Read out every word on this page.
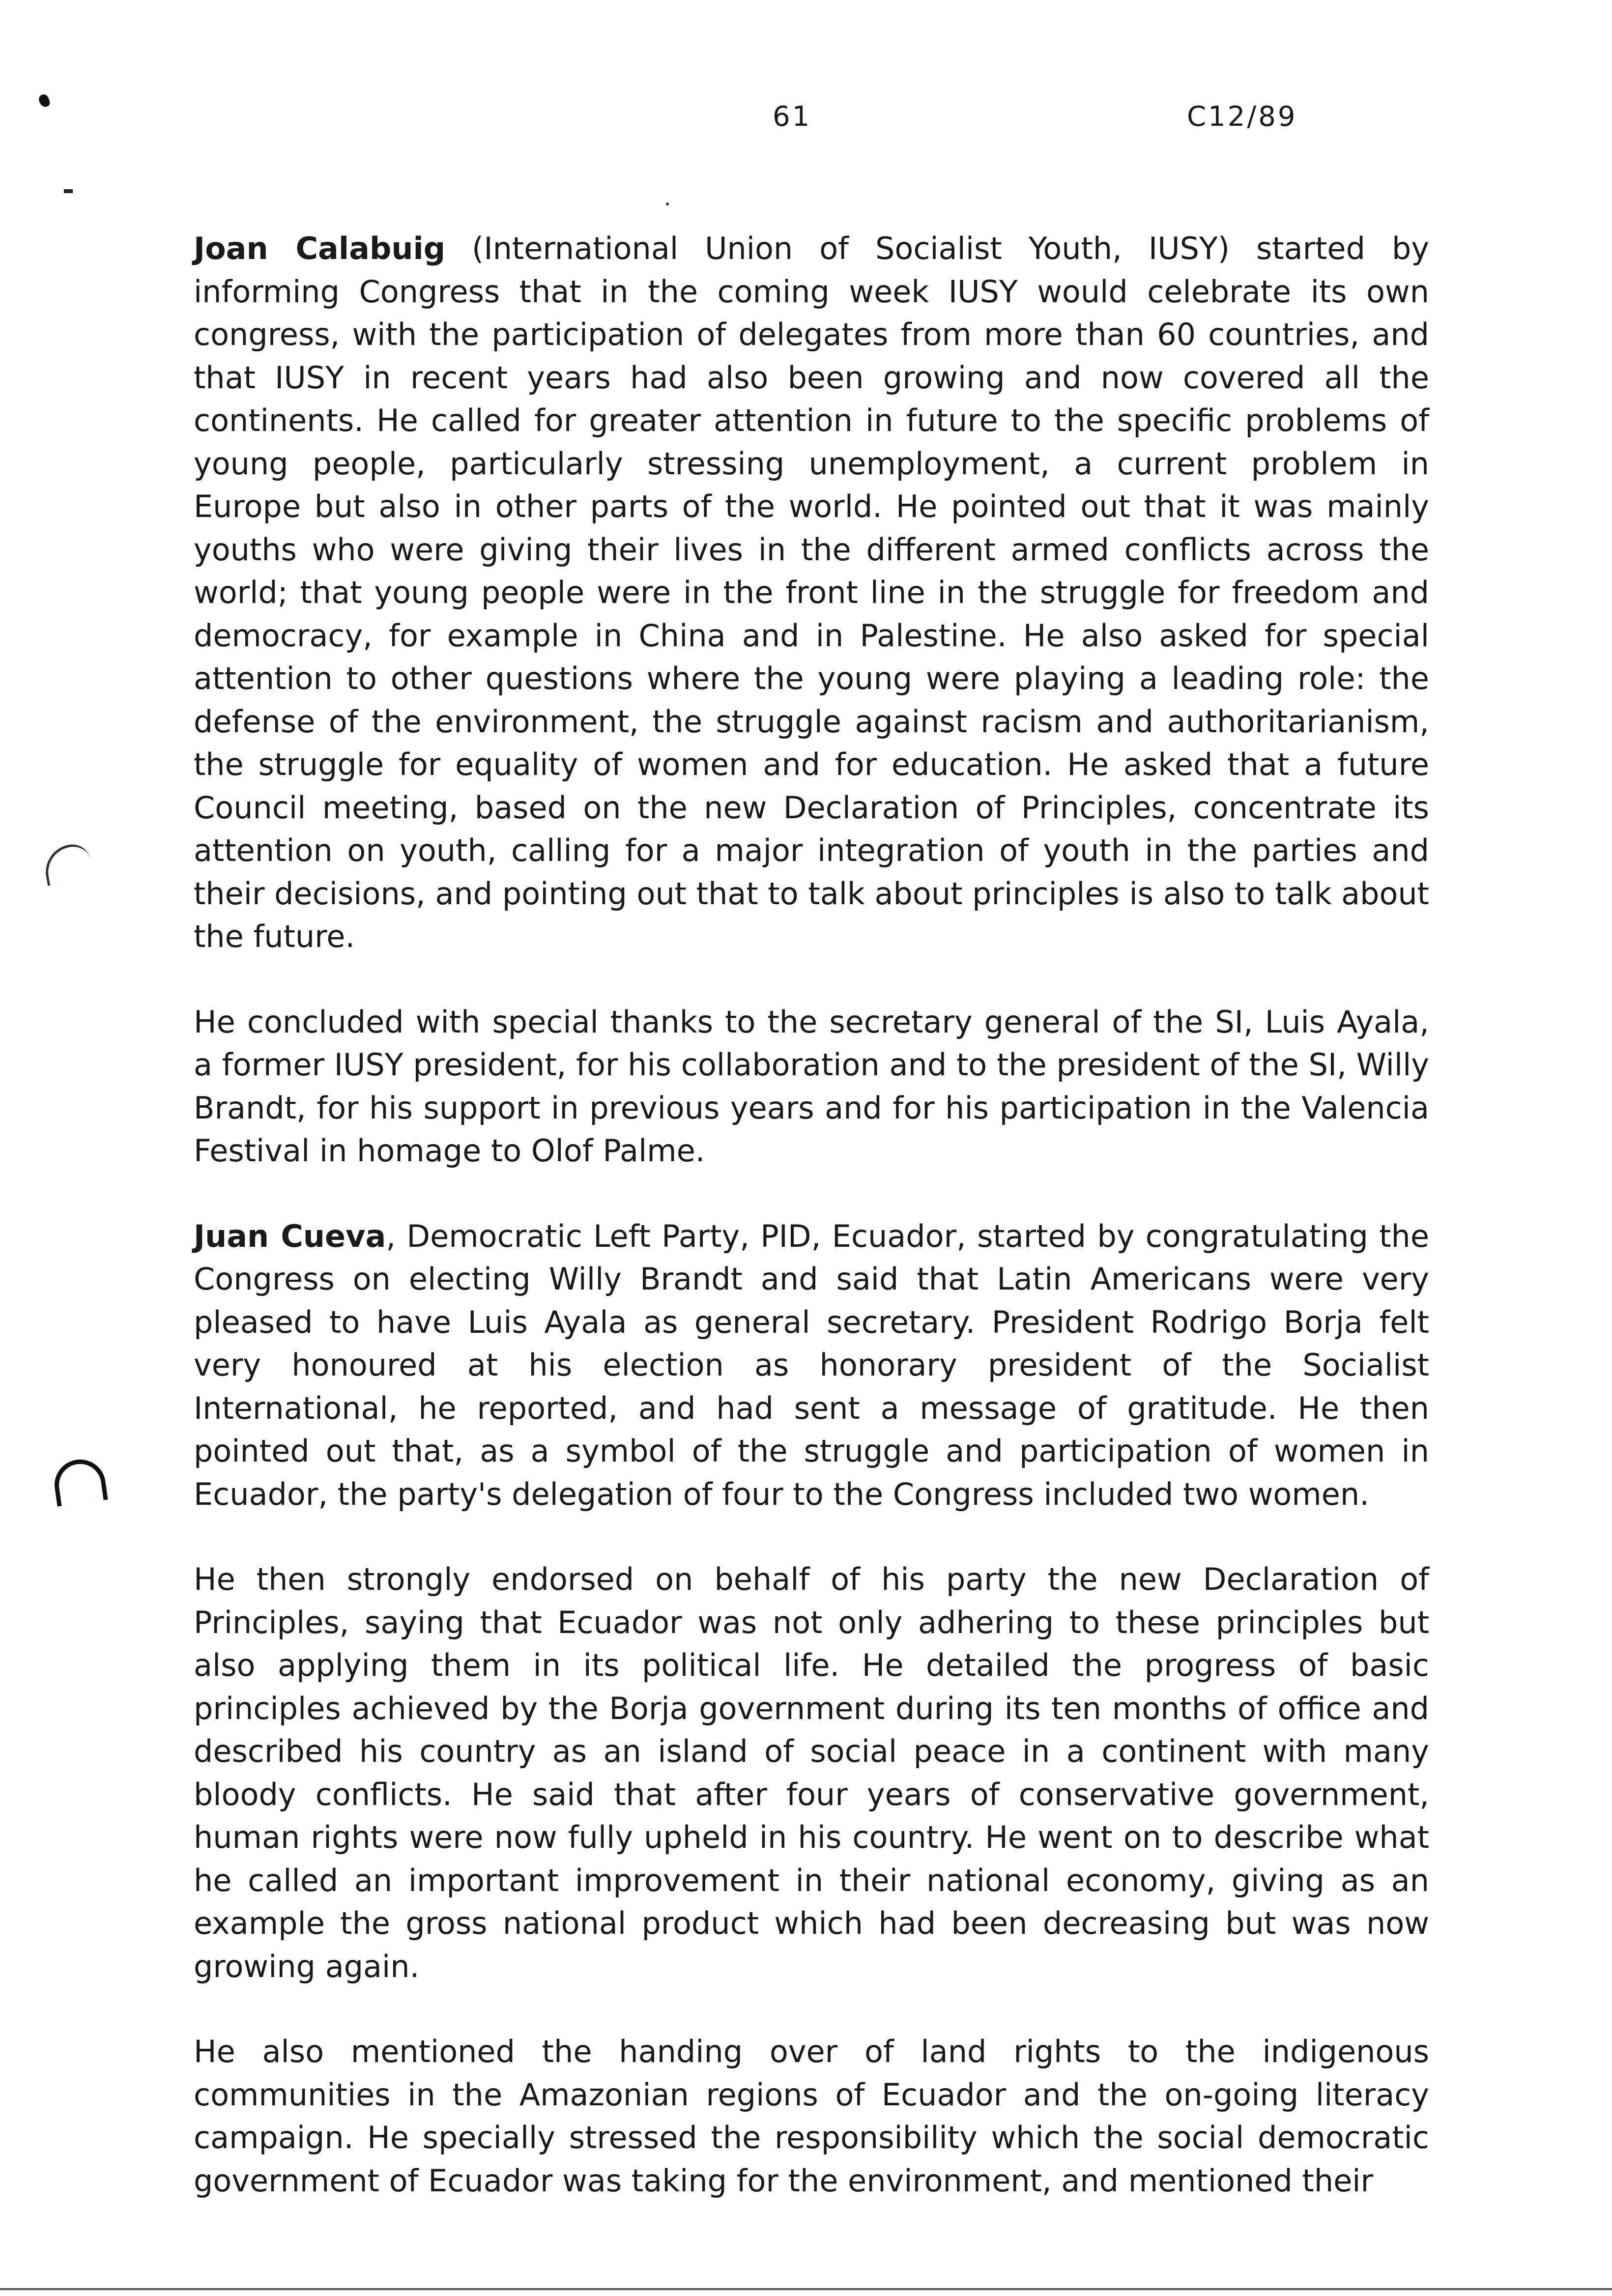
61	C12/89

Joan Calabuig (International Union of Socialist Youth, IUSY) started by informing Congress that in the coming week IUSY would celebrate its own congress, with the participation of delegates from more than 60 countries, and that IUSY in recent years had also been growing and now covered all the continents. He called for greater attention in future to the specific problems of young people, particularly stressing unemployment, a current problem in Europe but also in other parts of the world. He pointed out that it was mainly youths who were giving their lives in the different armed conflicts across the world; that young people were in the front line in the struggle for freedom and democracy, for example in China and in Palestine. He also asked for special attention to other questions where the young were playing a leading role: the defense of the environment, the struggle against racism and authoritarianism, the struggle for equality of women and for education. He asked that a future Council meeting, based on the new Declaration of Principles, concentrate its attention on youth, calling for a major integration of youth in the parties and their decisions, and pointing out that to talk about principles is also to talk about the future.

He concluded with special thanks to the secretary general of the SI, Luis Ayala, a former IUSY president, for his collaboration and to the president of the SI, Willy Brandt, for his support in previous years and for his participation in the Valencia Festival in homage to Olof Palme.

Juan Cueva, Democratic Left Party, PID, Ecuador, started by congratulating the Congress on electing Willy Brandt and said that Latin Americans were very pleased to have Luis Ayala as general secretary. President Rodrigo Borja felt very honoured at his election as honorary president of the Socialist International, he reported, and had sent a message of gratitude. He then pointed out that, as a symbol of the struggle and participation of women in Ecuador, the party's delegation of four to the Congress included two women.

He then strongly endorsed on behalf of his party the new Declaration of Principles, saying that Ecuador was not only adhering to these principles but also applying them in its political life. He detailed the progress of basic principles achieved by the Borja government during its ten months of office and described his country as an island of social peace in a continent with many bloody conflicts. He said that after four years of conservative government, human rights were now fully upheld in his country. He went on to describe what he called an important improvement in their national economy, giving as an example the gross national product which had been decreasing but was now growing again.

He also mentioned the handing over of land rights to the indigenous communities in the Amazonian regions of Ecuador and the on-going literacy campaign. He specially stressed the responsibility which the social democratic government of Ecuador was taking for the environment, and mentioned their
